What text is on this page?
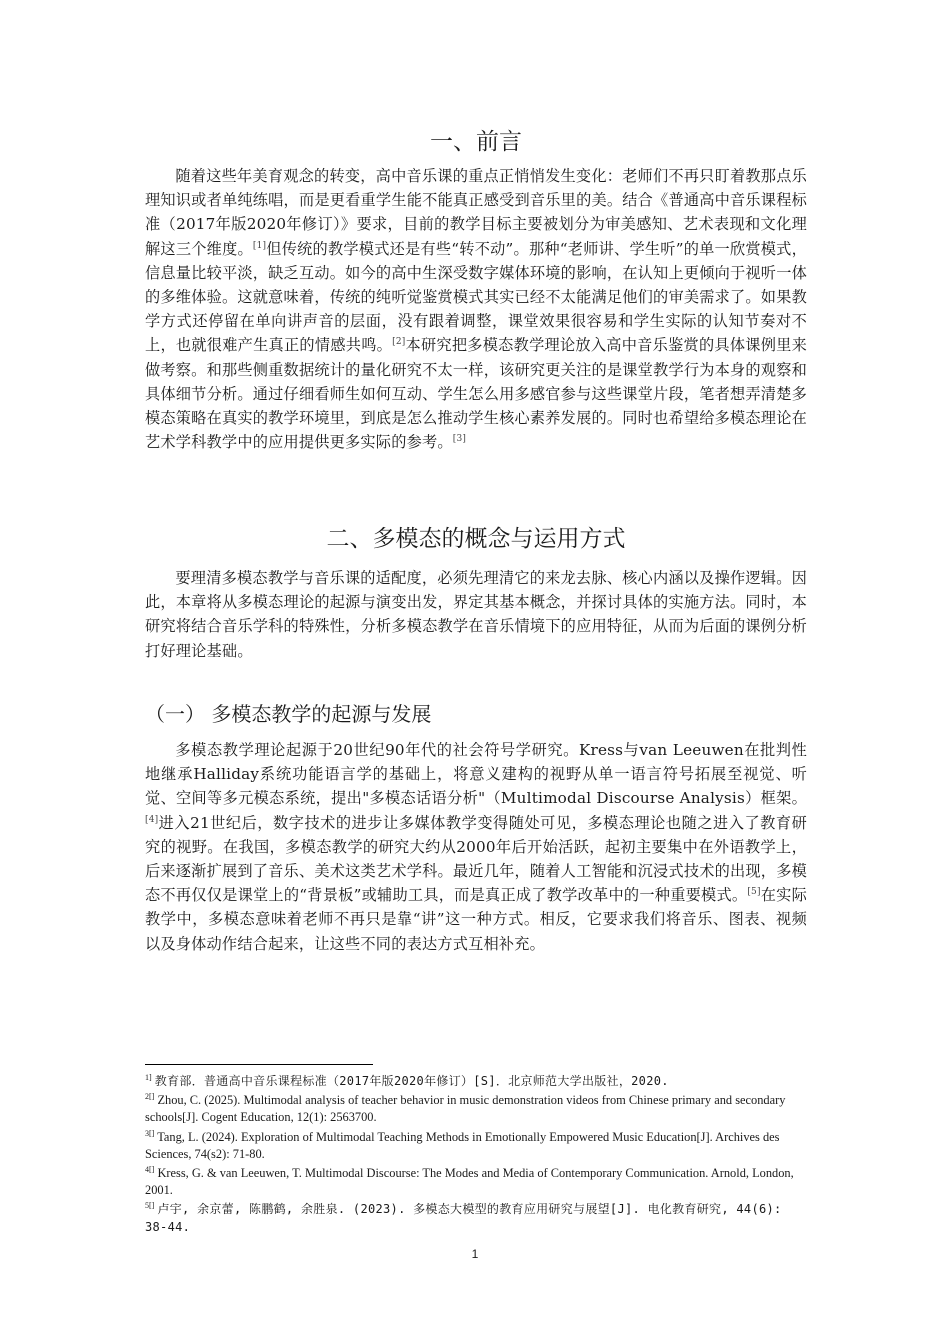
一、前言

随着这些年美育观念的转变，高中音乐课的重点正悄悄发生变化：老师们不再只盯着教那点乐理知识或者单纯练唱，而是更看重学生能不能真正感受到音乐里的美。结合《普通高中音乐课程标准（2017年版2020年修订）》要求，目前的教学目标主要被划分为审美感知、艺术表现和文化理解这三个维度。[1]但传统的教学模式还是有些“转不动”。那种“老师讲、学生听”的单一欣赏模式，信息量比较平淡，缺乏互动。如今的高中生深受数字媒体环境的影响，在认知上更倾向于视听一体的多维体验。这就意味着，传统的纯听觉鉴赏模式其实已经不太能满足他们的审美需求了。如果教学方式还停留在单向讲声音的层面，没有跟着调整，课堂效果很容易和学生实际的认知节奏对不上，也就很难产生真正的情感共鸣。[2]本研究把多模态教学理论放入高中音乐鉴赏的具体课例里来做考察。和那些侧重数据统计的量化研究不太一样，该研究更关注的是课堂教学行为本身的观察和具体细节分析。通过仔细看师生如何互动、学生怎么用多感官参与这些课堂片段，笔者想弄清楚多模态策略在真实的教学环境里，到底是怎么推动学生核心素养发展的。同时也希望给多模态理论在艺术学科教学中的应用提供更多实际的参考。[3]

二、多模态的概念与运用方式

要理清多模态教学与音乐课的适配度，必须先理清它的来龙去脉、核心内涵以及操作逻辑。因此，本章将从多模态理论的起源与演变出发，界定其基本概念，并探讨具体的实施方法。同时，本研究将结合音乐学科的特殊性，分析多模态教学在音乐情境下的应用特征，从而为后面的课例分析打好理论基础。

（一） 多模态教学的起源与发展

多模态教学理论起源于20世纪90年代的社会符号学研究。Kress与van Leeuwen在批判性地继承Halliday系统功能语言学的基础上，将意义建构的视野从单一语言符号拓展至视觉、听觉、空间等多元模态系统，提出"多模态话语分析"（Multimodal Discourse Analysis）框架。[4]进入21世纪后，数字技术的进步让多媒体教学变得随处可见，多模态理论也随之进入了教育研究的视野。在我国，多模态教学的研究大约从2000年后开始活跃，起初主要集中在外语教学上，后来逐渐扩展到了音乐、美术这类艺术学科。最近几年，随着人工智能和沉浸式技术的出现，多模态不再仅仅是课堂上的“背景板”或辅助工具，而是真正成了教学改革中的一种重要模式。[5]在实际教学中，多模态意味着老师不再只是靠“讲”这一种方式。相反，它要求我们将音乐、图表、视频以及身体动作结合起来，让这些不同的表达方式互相补充。

$^{1]}$ 教育部．普通高中音乐课程标准（2017年版2020年修订）[S]．北京师范大学出版社，2020.

$^{2[]}$ Zhou, C. (2025). Multimodal analysis of teacher behavior in music demonstration videos from Chinese primary and secondary schools[J]. Cogent Education, 12(1): 2563700.

$^{3[]}$ Tang, L. (2024). Exploration of Multimodal Teaching Methods in Emotionally Empowered Music Education[J]. Archives des Sciences, 74(s2): 71-80.

$^{4[]}$ Kress, G. & van Leeuwen, T. Multimodal Discourse: The Modes and Media of Contemporary Communication. Arnold, London, 2001.

$^{5[]}$ 卢宇, 余京蕾, 陈鹏鹤, 余胜泉. (2023). 多模态大模型的教育应用研究与展望[J]. 电化教育研究, 44(6): 38-44.

1
